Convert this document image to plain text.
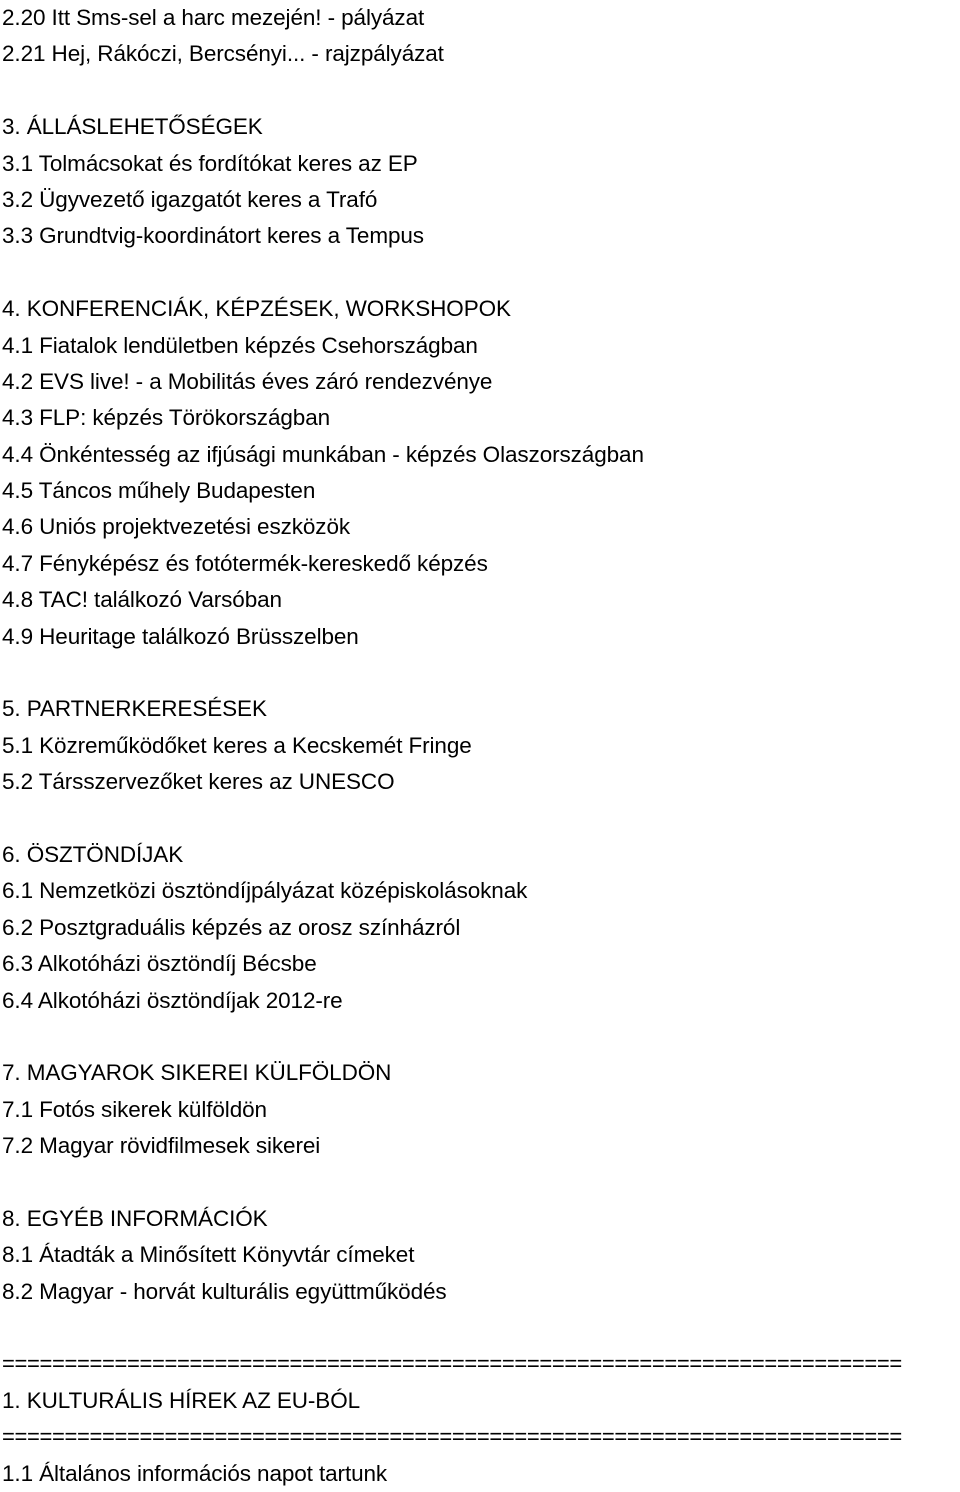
2.20 Itt Sms-sel a harc mezején! - pályázat
2.21 Hej, Rákóczi, Bercsényi... - rajzpályázat
3. ÁLLÁSLEHETŐSÉGEK
3.1 Tolmácsokat és fordítókat keres az EP
3.2 Ügyvezető igazgatót keres a Trafó
3.3 Grundtvig-koordinátort keres a Tempus
4. KONFERENCIÁK, KÉPZÉSEK, WORKSHOPOK
4.1 Fiatalok lendületben képzés Csehországban
4.2 EVS live! - a Mobilitás éves záró rendezvénye
4.3 FLP: képzés Törökországban
4.4 Önkéntesség az ifjúsági munkában - képzés Olaszországban
4.5 Táncos műhely Budapesten
4.6 Uniós projektvezetési eszközök
4.7 Fényképész és fotótermék-kereskedő képzés
4.8 TAC! találkozó Varsóban
4.9 Heuritage találkozó Brüsszelben
5. PARTNERKERESÉSEK
5.1 Közreműködőket keres a Kecskemét Fringe
5.2 Társszervezőket keres az UNESCO
6. ÖSZTÖNDÍJAK
6.1 Nemzetközi ösztöndíjpályázat középiskolásoknak
6.2 Posztgraduális képzés az orosz színházról
6.3 Alkotóházi ösztöndíj Bécsbe
6.4 Alkotóházi ösztöndíjak 2012-re
7. MAGYAROK SIKEREI KÜLFÖLDÖN
7.1 Fotós sikerek külföldön
7.2 Magyar rövidfilmesek sikerei
8. EGYÉB INFORMÁCIÓK
8.1 Átadták a Minősített Könyvtár címeket
8.2 Magyar - horvát kulturális együttműködés
========================================================================
1. KULTURÁLIS HÍREK AZ EU-BÓL
========================================================================
1.1 Általános információs napot tartunk
